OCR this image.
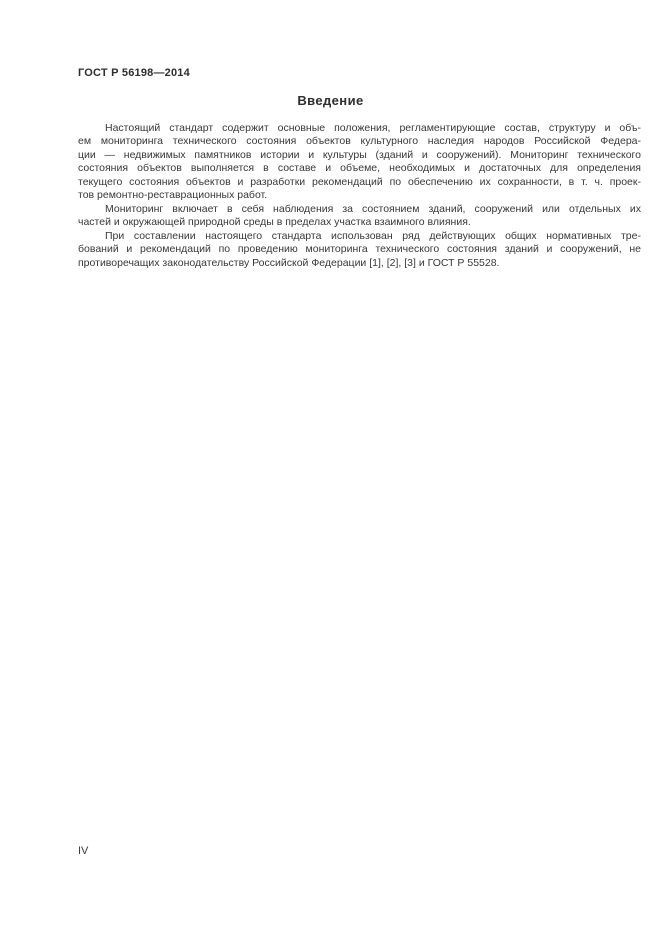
ГОСТ Р 56198—2014
Введение
Настоящий стандарт содержит основные положения, регламентирующие состав, структуру и объ-
ем мониторинга технического состояния объектов культурного наследия народов Российской Федера-
ции — недвижимых памятников истории и культуры (зданий и сооружений). Мониторинг технического
состояния объектов выполняется в составе и объеме, необходимых и достаточных для определения
текущего состояния объектов и разработки рекомендаций по обеспечению их сохранности, в т. ч. проек-
тов ремонтно-реставрационных работ.
Мониторинг включает в себя наблюдения за состоянием зданий, сооружений или отдельных их
частей и окружающей природной среды в пределах участка взаимного влияния.
При составлении настоящего стандарта использован ряд действующих общих нормативных тре-
бований и рекомендаций по проведению мониторинга технического состояния зданий и сооружений, не
противоречащих законодательству Российской Федерации [1], [2], [3] и ГОСТ Р 55528.
IV
